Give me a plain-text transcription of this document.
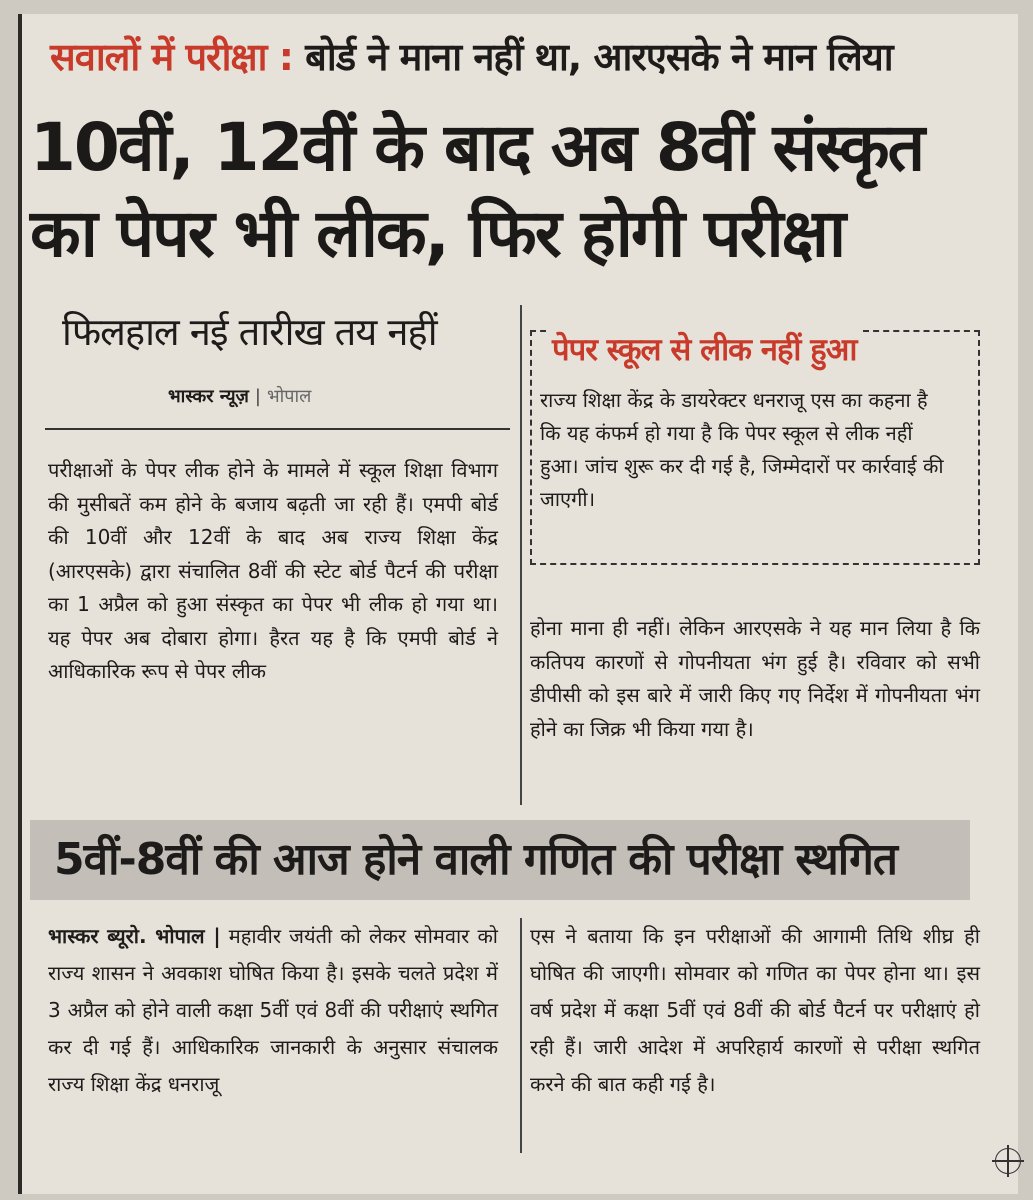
सवालों में परीक्षा : बोर्ड ने माना नहीं था, आरएसके ने मान लिया
10वीं, 12वीं के बाद अब 8वीं संस्कृत
का पेपर भी लीक, फिर होगी परीक्षा
फिलहाल नई तारीख तय नहीं
भास्कर न्यूज़ | भोपाल
परीक्षाओं के पेपर लीक होने के मामले में स्कूल शिक्षा विभाग की मुसीबतें कम होने के बजाय बढ़ती जा रही हैं। एमपी बोर्ड की 10वीं और 12वीं के बाद अब राज्य शिक्षा केंद्र (आरएसके) द्वारा संचालित 8वीं की स्टेट बोर्ड पैटर्न की परीक्षा का 1 अप्रैल को हुआ संस्कृत का पेपर भी लीक हो गया था। यह पेपर अब दोबारा होगा। हैरत यह है कि एमपी बोर्ड ने आधिकारिक रूप से पेपर लीक
पेपर स्कूल से लीक नहीं हुआ
राज्य शिक्षा केंद्र के डायरेक्टर धनराजू एस का कहना है कि यह कंफर्म हो गया है कि पेपर स्कूल से लीक नहीं हुआ। जांच शुरू कर दी गई है, जिम्मेदारों पर कार्रवाई की जाएगी।
होना माना ही नहीं। लेकिन आरएसके ने यह मान लिया है कि कतिपय कारणों से गोपनीयता भंग हुई है। रविवार को सभी डीपीसी को इस बारे में जारी किए गए निर्देश में गोपनीयता भंग होने का जिक्र भी किया गया है।
5वीं-8वीं की आज होने वाली गणित की परीक्षा स्थगित
भास्कर ब्यूरो. भोपाल | महावीर जयंती को लेकर सोमवार को राज्य शासन ने अवकाश घोषित किया है। इसके चलते प्रदेश में 3 अप्रैल को होने वाली कक्षा 5वीं एवं 8वीं की परीक्षाएं स्थगित कर दी गई हैं। आधिकारिक जानकारी के अनुसार संचालक राज्य शिक्षा केंद्र धनराजू
एस ने बताया कि इन परीक्षाओं की आगामी तिथि शीघ्र ही घोषित की जाएगी। सोमवार को गणित का पेपर होना था। इस वर्ष प्रदेश में कक्षा 5वीं एवं 8वीं की बोर्ड पैटर्न पर परीक्षाएं हो रही हैं। जारी आदेश में अपरिहार्य कारणों से परीक्षा स्थगित करने की बात कही गई है।
